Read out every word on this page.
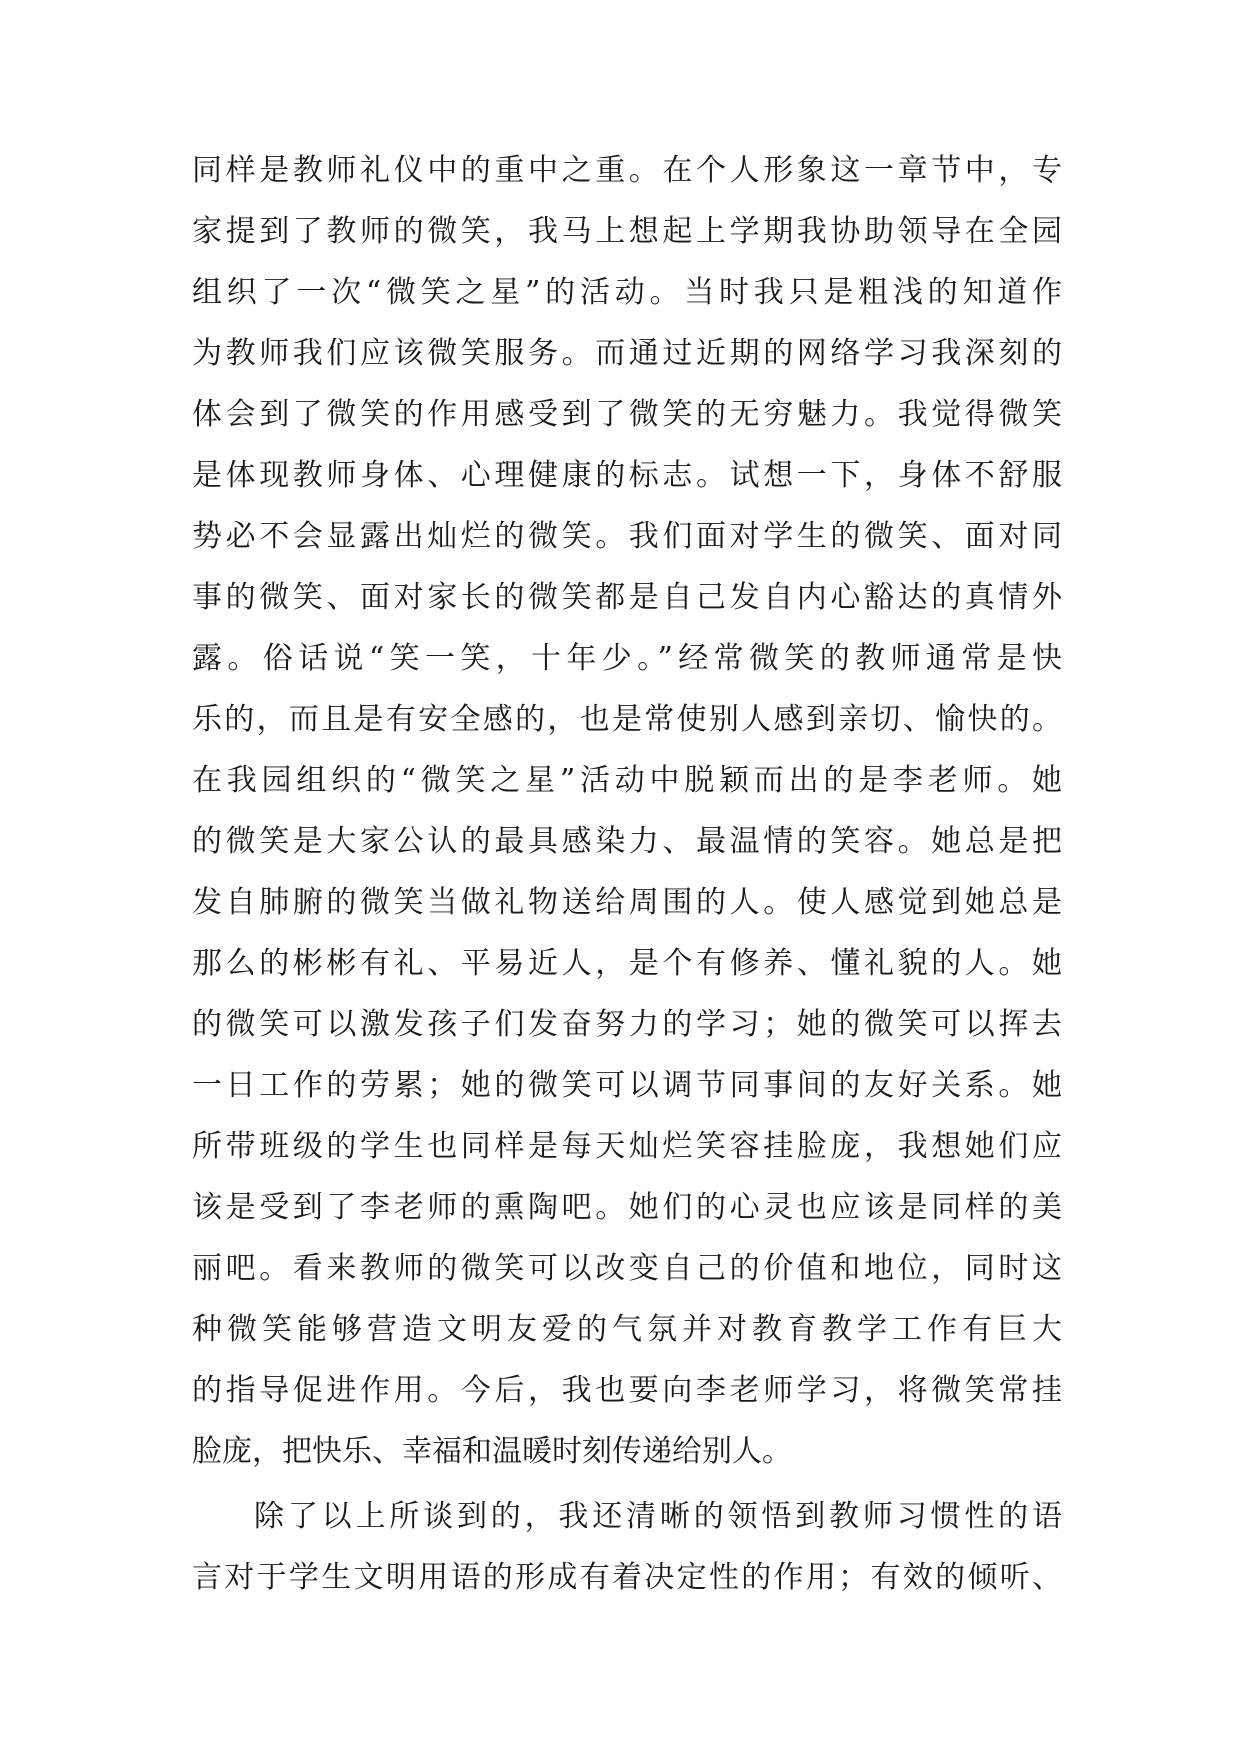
同样是教师礼仪中的重中之重。在个人形象这一章节中，专
家提到了教师的微笑，我马上想起上学期我协助领导在全园
组织了一次“微笑之星”的活动。当时我只是粗浅的知道作
为教师我们应该微笑服务。而通过近期的网络学习我深刻的
体会到了微笑的作用感受到了微笑的无穷魅力。我觉得微笑
是体现教师身体、心理健康的标志。试想一下，身体不舒服
势必不会显露出灿烂的微笑。我们面对学生的微笑、面对同
事的微笑、面对家长的微笑都是自己发自内心豁达的真情外
露。俗话说“笑一笑，十年少。”经常微笑的教师通常是快
乐的，而且是有安全感的，也是常使别人感到亲切、愉快的。
在我园组织的“微笑之星”活动中脱颖而出的是李老师。她
的微笑是大家公认的最具感染力、最温情的笑容。她总是把
发自肺腑的微笑当做礼物送给周围的人。使人感觉到她总是
那么的彬彬有礼、平易近人，是个有修养、懂礼貌的人。她
的微笑可以激发孩子们发奋努力的学习；她的微笑可以挥去
一日工作的劳累；她的微笑可以调节同事间的友好关系。她
所带班级的学生也同样是每天灿烂笑容挂脸庞，我想她们应
该是受到了李老师的熏陶吧。她们的心灵也应该是同样的美
丽吧。看来教师的微笑可以改变自己的价值和地位，同时这
种微笑能够营造文明友爱的气氛并对教育教学工作有巨大
的指导促进作用。今后，我也要向李老师学习，将微笑常挂
脸庞，把快乐、幸福和温暖时刻传递给别人。
除了以上所谈到的，我还清晰的领悟到教师习惯性的语
言对于学生文明用语的形成有着决定性的作用；有效的倾听、
